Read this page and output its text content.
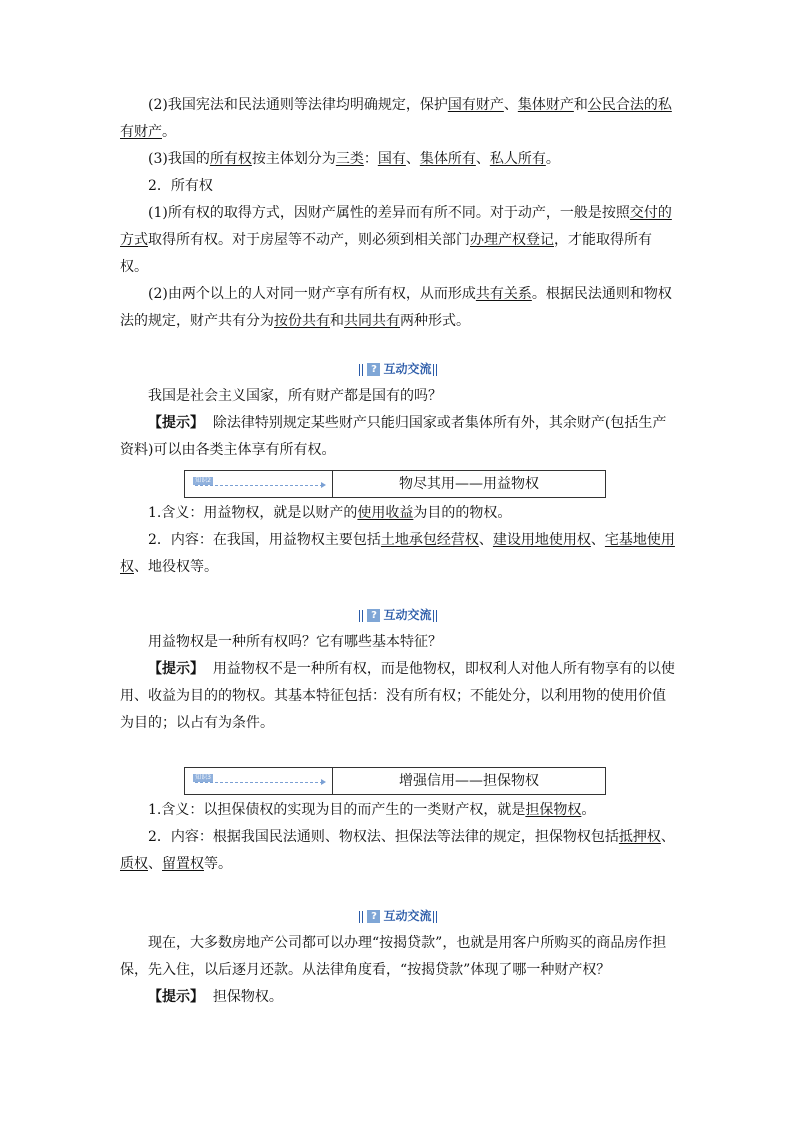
(2)我国宪法和民法通则等法律均明确规定，保护国有财产、集体财产和公民合法的私有财产。

(3)我国的所有权按主体划分为三类：国有、集体所有、私人所有。

2．所有权

(1)所有权的取得方式，因财产属性的差异而有所不同。对于动产，一般是按照交付的方式取得所有权。对于房屋等不动产，则必须到相关部门办理产权登记，才能取得所有权。

(2)由两个以上的人对同一财产享有所有权，从而形成共有关系。根据民法通则和物权法的规定，财产共有分为按份共有和共同共有两种形式。

? 互动交流

我国是社会主义国家，所有财产都是国有的吗？

【提示】 除法律特别规定某些财产只能归国家或者集体所有外，其余财产(包括生产资料)可以由各类主体享有所有权。

知识2	物尽其用——用益物权

1.含义：用益物权，就是以财产的使用收益为目的的物权。

2．内容：在我国，用益物权主要包括土地承包经营权、建设用地使用权、宅基地使用权、地役权等。

? 互动交流

用益物权是一种所有权吗？它有哪些基本特征？

【提示】 用益物权不是一种所有权，而是他物权，即权利人对他人所有物享有的以使用、收益为目的的物权。其基本特征包括：没有所有权；不能处分，以利用物的使用价值为目的；以占有为条件。

知识3	增强信用——担保物权

1.含义：以担保债权的实现为目的而产生的一类财产权，就是担保物权。

2．内容：根据我国民法通则、物权法、担保法等法律的规定，担保物权包括抵押权、质权、留置权等。

? 互动交流

现在，大多数房地产公司都可以办理“按揭贷款”，也就是用客户所购买的商品房作担保，先入住，以后逐月还款。从法律角度看，“按揭贷款”体现了哪一种财产权？

【提示】 担保物权。
